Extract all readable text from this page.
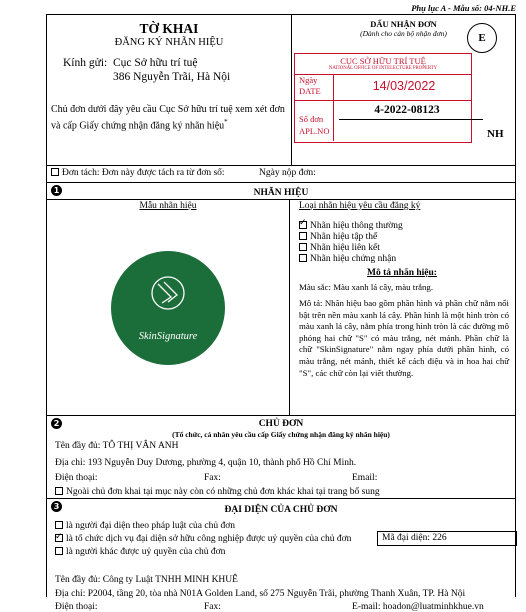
Phụ lục A - Mẫu số: 04-NH.E
TỜ KHAI
ĐĂNG KÝ NHÃN HIỆU
Kính gửi: Cục Sở hữu trí tuệ
386 Nguyễn Trãi, Hà Nội
Chủ đơn dưới đây yêu cầu Cục Sở hữu trí tuệ xem xét đơn và cấp Giấy chứng nhận đăng ký nhãn hiệu*
DẤU NHẬN ĐƠN
(Dành cho cán bộ nhận đơn)	E
CỤC SỞ HỮU TRÍ TUỆ
NATIONAL OFFICE OF INTELECTURE PROPERTY
Ngày
DATE	14/03/2022
Số đơn
APL.NO
4-2022-08123
NH
Đơn tách: Đơn này được tách ra từ đơn số:	Ngày nộp đơn:
1	NHÃN HIỆU
Mẫu nhãn hiệu
SkinSignature
Loại nhãn hiệu yêu cầu đăng ký
✓Nhãn hiệu thông thường
Nhãn hiệu tập thể
Nhãn hiệu liên kết
Nhãn hiệu chứng nhận
Mô tả nhãn hiệu:
Màu sắc: Màu xanh lá cây, màu trắng.
Mô tả: Nhãn hiệu bao gồm phần hình và phần chữ nằm nổi bật trên nền màu xanh lá cây. Phần hình là một hình tròn có màu xanh lá cây, nằm phía trong hình tròn là các đường mô phỏng hai chữ "S" có màu trắng, nét mảnh. Phần chữ là chữ "SkinSignature" nằm ngay phía dưới phần hình, có màu trắng, nét mảnh, thiết kế cách điệu và in hoa hai chữ "S", các chữ còn lại viết thường.
2	CHỦ ĐƠN
(Tổ chức, cá nhân yêu cầu cấp Giấy chứng nhận đăng ký nhãn hiệu)
Tên đầy đủ: TÔ THỊ VÂN ANH
Địa chỉ: 193 Nguyễn Duy Dương, phường 4, quận 10, thành phố Hồ Chí Minh.
Điện thoại:	Fax:	Email:
Ngoài chủ đơn khai tại mục này còn có những chủ đơn khác khai tại trang bổ sung
3	ĐẠI DIỆN CỦA CHỦ ĐƠN
là người đại diện theo pháp luật của chủ đơn
✓là tổ chức dịch vụ đại diện sở hữu công nghiệp được uỷ quyền của chủ đơn
là người khác được uỷ quyền của chủ đơn
Mã đại diện: 226
Tên đầy đủ: Công ty Luật TNHH MINH KHUÊ
Địa chỉ: P2004, tầng 20, tòa nhà N01A Golden Land, số 275 Nguyễn Trãi, phường Thanh Xuân, TP. Hà Nội
Điện thoại:	Fax:	E-mail: hoadon@luatminhkhue.vn
